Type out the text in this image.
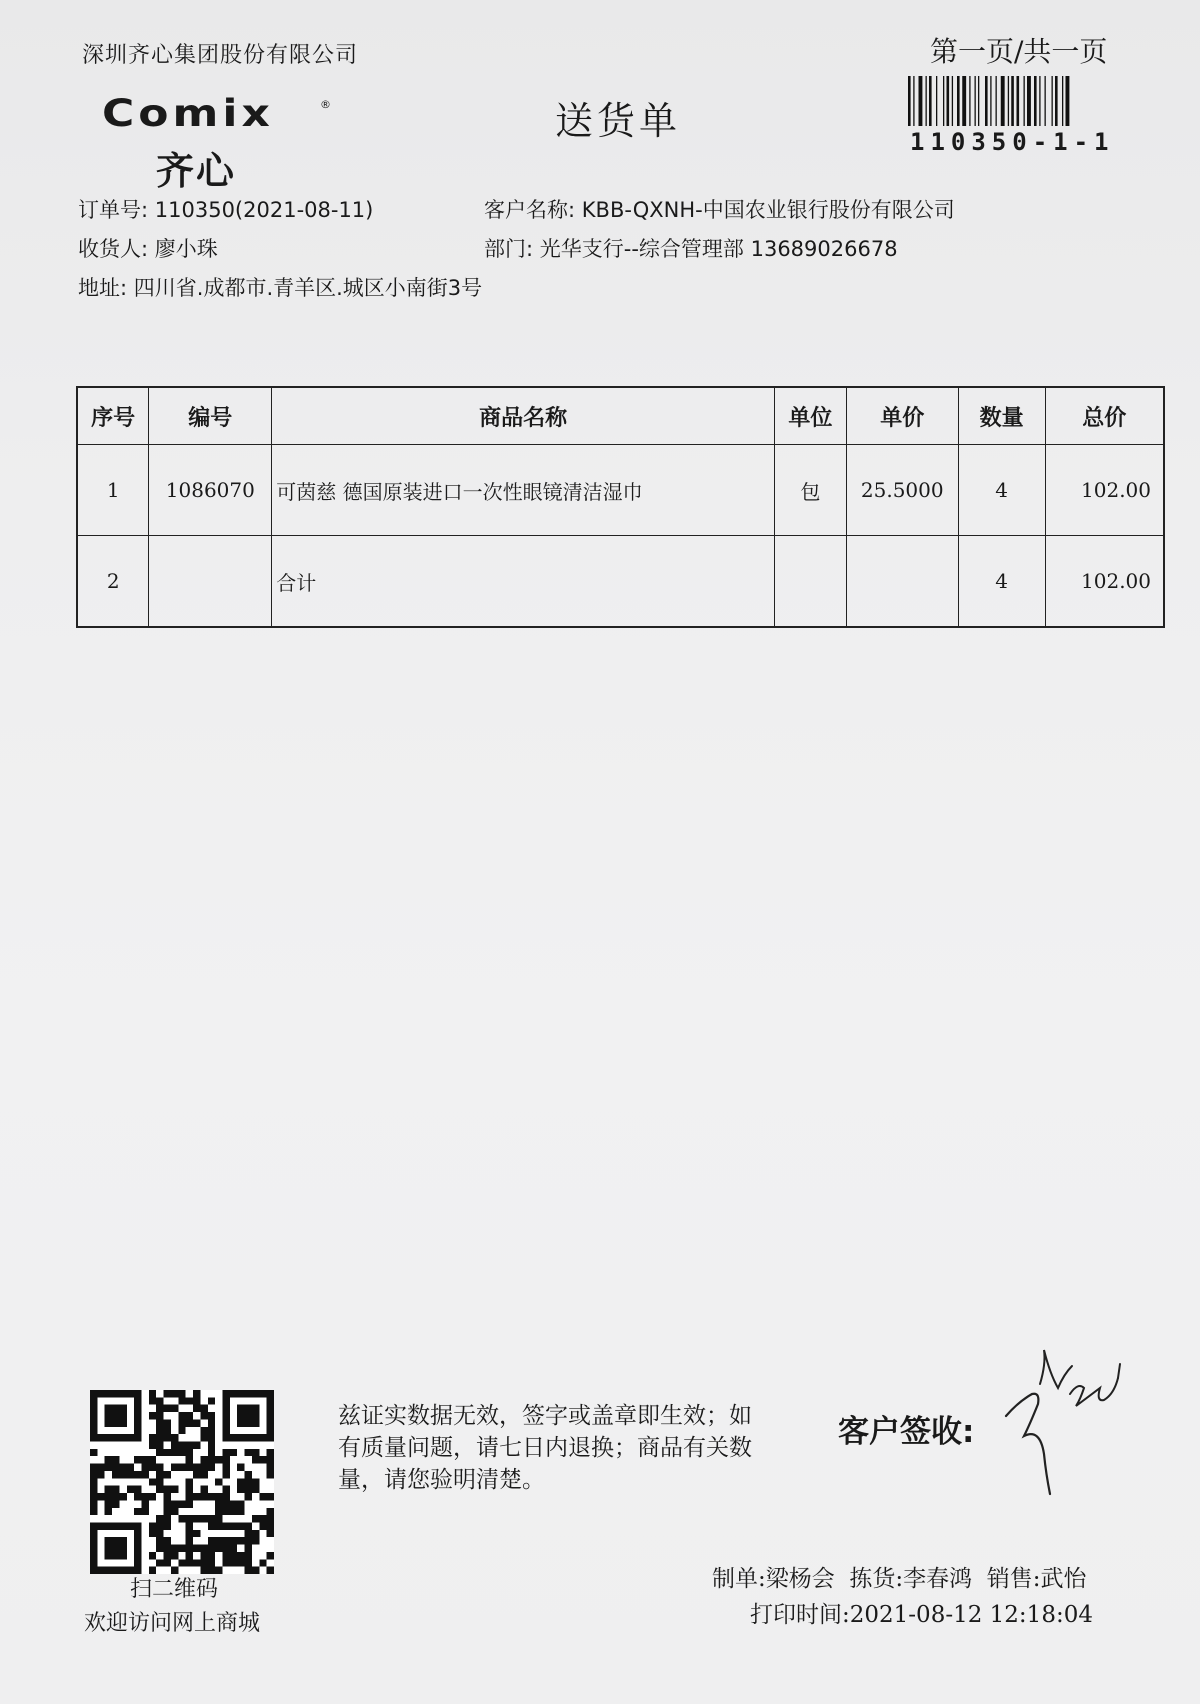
深圳齐心集团股份有限公司
Comix	®
齐心
送货单
第一页/共一页
110350-1-1
订单号: 110350(2021-08-11)	客户名称: KBB-QXNH-中国农业银行股份有限公司
收货人: 廖小珠	部门: 光华支行--综合管理部 13689026678
地址: 四川省.成都市.青羊区.城区小南街3号
序号	编号	商品名称	单位	单价	数量	总价
1	1086070	可茵慈 德国原装进口一次性眼镜清洁湿巾	包	25.5000	4	102.00
2		合计			4	102.00
扫二维码
欢迎访问网上商城
兹证实数据无效，签字或盖章即生效；如有质量问题，请七日内退换；商品有关数量，请您验明清楚。
客户签收:
制单:梁杨会 拣货:李春鸿 销售:武怡
打印时间:2021-08-12 12:18:04
